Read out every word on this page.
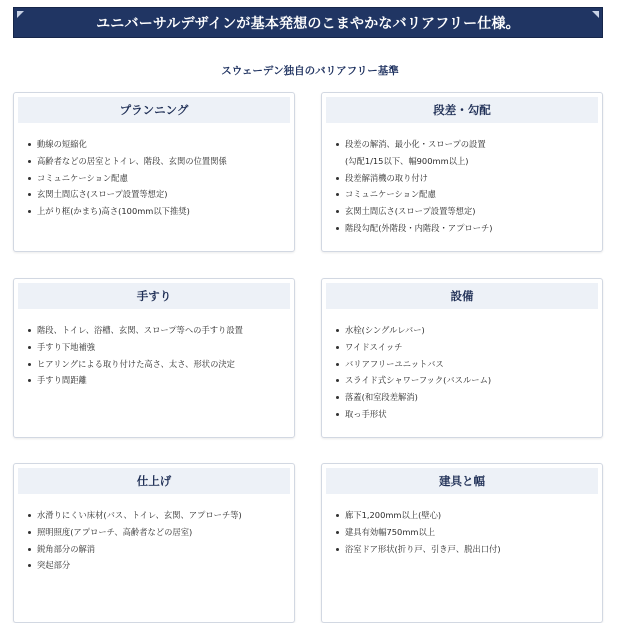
ユニバーサルデザインが基本発想のこまやかなバリアフリー仕様。
スウェーデン独自のバリアフリー基準
プランニング
動線の短縮化
高齢者などの居室とトイレ、階段、玄関の位置関係
コミュニケーション配慮
玄関土間広さ(スロープ設置等想定)
上がり框(かまち)高さ(100mm以下推奨)
段差・勾配
段差の解消、最小化・スロープの設置
(勾配1/15以下、幅900mm以上)
段差解消機の取り付け
コミュニケーション配慮
玄関土間広さ(スロープ設置等想定)
階段勾配(外階段・内階段・アプローチ)
手すり
階段、トイレ、浴槽、玄関、スロープ等への手すり設置
手すり下地補強
ヒアリングによる取り付けた高さ、太さ、形状の決定
手すり間距離
設備
水栓(シングルレバー)
ワイドスイッチ
バリアフリーユニットバス
スライド式シャワーフック(バスルーム)
落蓋(和室段差解消)
取っ手形状
仕上げ
水滑りにくい床材(バス、トイレ、玄関、アプローチ等)
照明照度(アプローチ、高齢者などの居室)
鋭角部分の解消
突起部分
建具と幅
廊下1,200mm以上(壁心)
建具有効幅750mm以上
浴室ドア形状(折り戸、引き戸、脱出口付)
